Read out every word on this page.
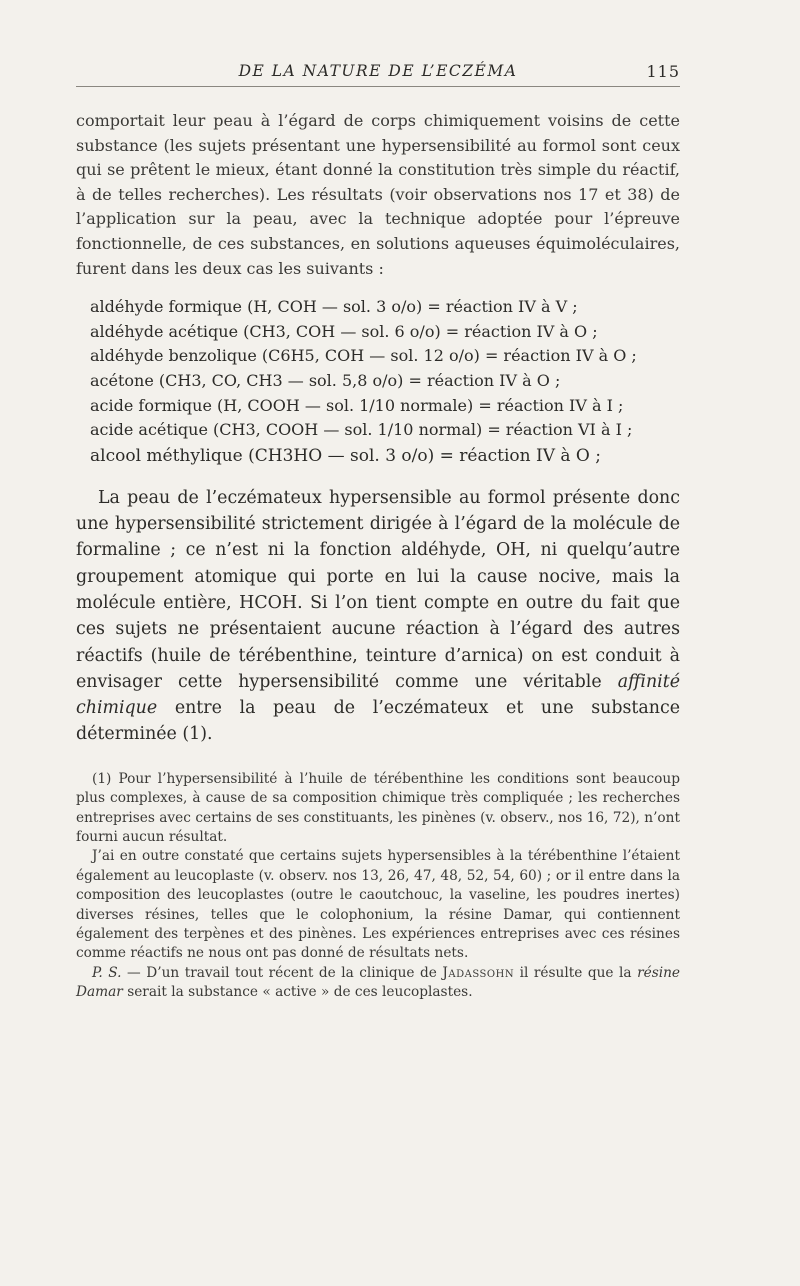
DE LA NATURE DE L’ECZÉMA	115

comportait leur peau à l’égard de corps chimiquement voisins de cette substance (les sujets présentant une hypersensibilité au formol sont ceux qui se prêtent le mieux, étant donné la constitution très simple du réactif, à de telles recherches). Les résultats (voir observations nos 17 et 38) de l’application sur la peau, avec la technique adoptée pour l’épreuve fonctionnelle, de ces substances, en solutions aqueuses équimoléculaires, furent dans les deux cas les suivants :

aldéhyde formique (H, COH — sol. 3 o/o) = réaction IV à V ;

aldéhyde acétique (CH3, COH — sol. 6 o/o) = réaction IV à O ;

aldéhyde benzolique (C6H5, COH — sol. 12 o/o) = réaction IV à O ;

acétone (CH3, CO, CH3 — sol. 5,8 o/o) = réaction IV à O ;

acide formique (H, COOH — sol. 1/10 normale) = réaction IV à I ;

acide acétique (CH3, COOH — sol. 1/10 normal) = réaction VI à I ;

alcool méthylique (CH3HO — sol. 3 o/o) = réaction IV à O ;

La peau de l’eczémateux hypersensible au formol présente donc une hypersensibilité strictement dirigée à l’égard de la molécule de formaline ; ce n’est ni la fonction aldéhyde, OH, ni quelqu’autre groupement atomique qui porte en lui la cause nocive, mais la molécule entière, HCOH. Si l’on tient compte en outre du fait que ces sujets ne présentaient aucune réaction à l’égard des autres réactifs (huile de térébenthine, teinture d’arnica) on est conduit à envisager cette hypersensibilité comme une véritable affinité chimique entre la peau de l’eczémateux et une substance déterminée (1).

(1) Pour l’hypersensibilité à l’huile de térébenthine les conditions sont beaucoup plus complexes, à cause de sa composition chimique très compliquée ; les recherches entreprises avec certains de ses constituants, les pinènes (v. observ., nos 16, 72), n’ont fourni aucun résultat.

J’ai en outre constaté que certains sujets hypersensibles à la térébenthine l’étaient également au leucoplaste (v. observ. nos 13, 26, 47, 48, 52, 54, 60) ; or il entre dans la composition des leucoplastes (outre le caoutchouc, la vaseline, les poudres inertes) diverses résines, telles que le colophonium, la résine Damar, qui contiennent également des terpènes et des pinènes. Les expériences entreprises avec ces résines comme réactifs ne nous ont pas donné de résultats nets.

P. S. — D’un travail tout récent de la clinique de Jadassohn il résulte que la résine Damar serait la substance « active » de ces leucoplastes.
